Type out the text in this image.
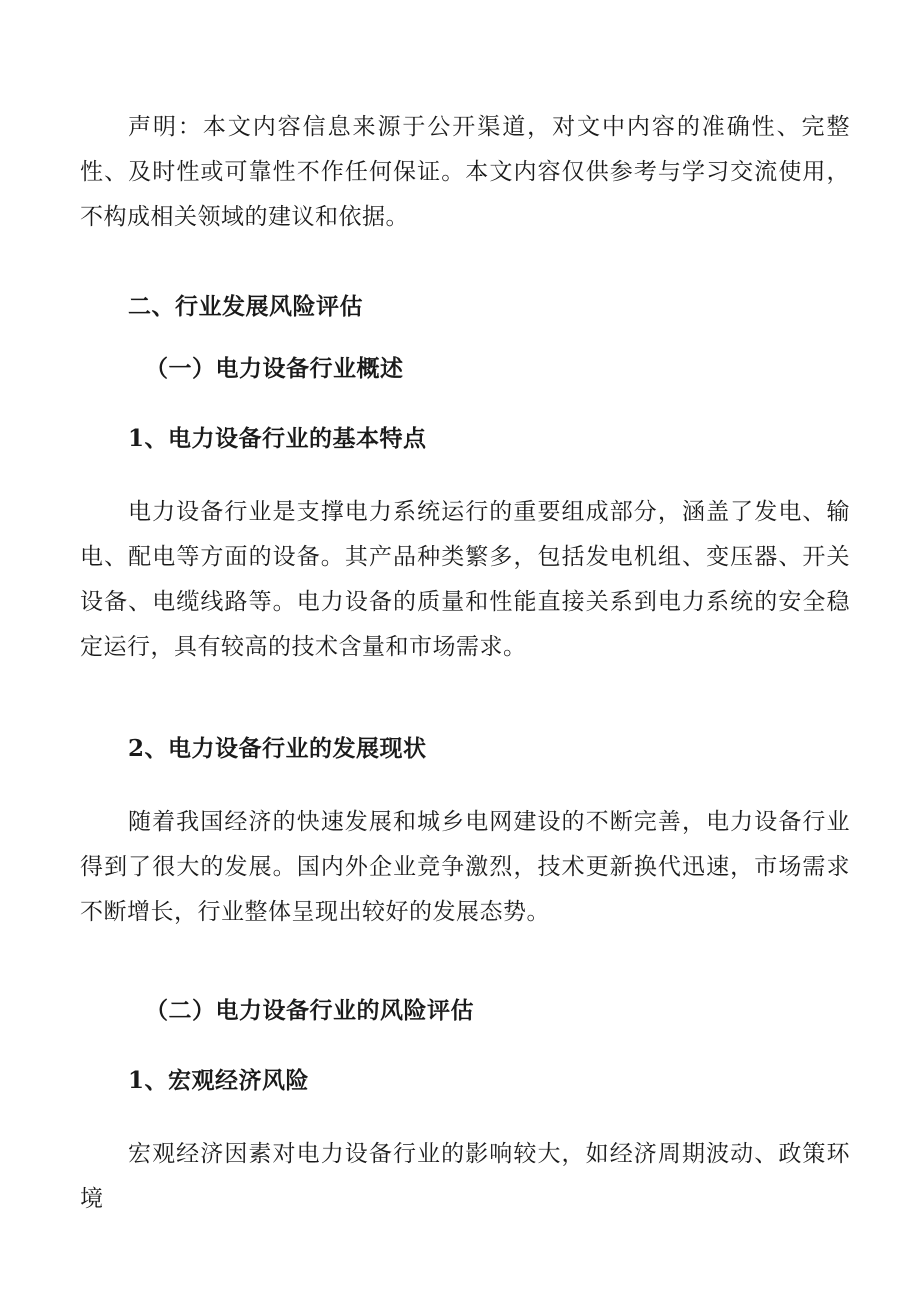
声明：本文内容信息来源于公开渠道，对文中内容的准确性、完整性、及时性或可靠性不作任何保证。本文内容仅供参考与学习交流使用，不构成相关领域的建议和依据。

二、行业发展风险评估
（一）电力设备行业概述
1、电力设备行业的基本特点

电力设备行业是支撑电力系统运行的重要组成部分，涵盖了发电、输电、配电等方面的设备。其产品种类繁多，包括发电机组、变压器、开关设备、电缆线路等。电力设备的质量和性能直接关系到电力系统的安全稳定运行，具有较高的技术含量和市场需求。

2、电力设备行业的发展现状

随着我国经济的快速发展和城乡电网建设的不断完善，电力设备行业得到了很大的发展。国内外企业竞争激烈，技术更新换代迅速，市场需求不断增长，行业整体呈现出较好的发展态势。

（二）电力设备行业的风险评估
1、宏观经济风险

宏观经济因素对电力设备行业的影响较大，如经济周期波动、政策环境
